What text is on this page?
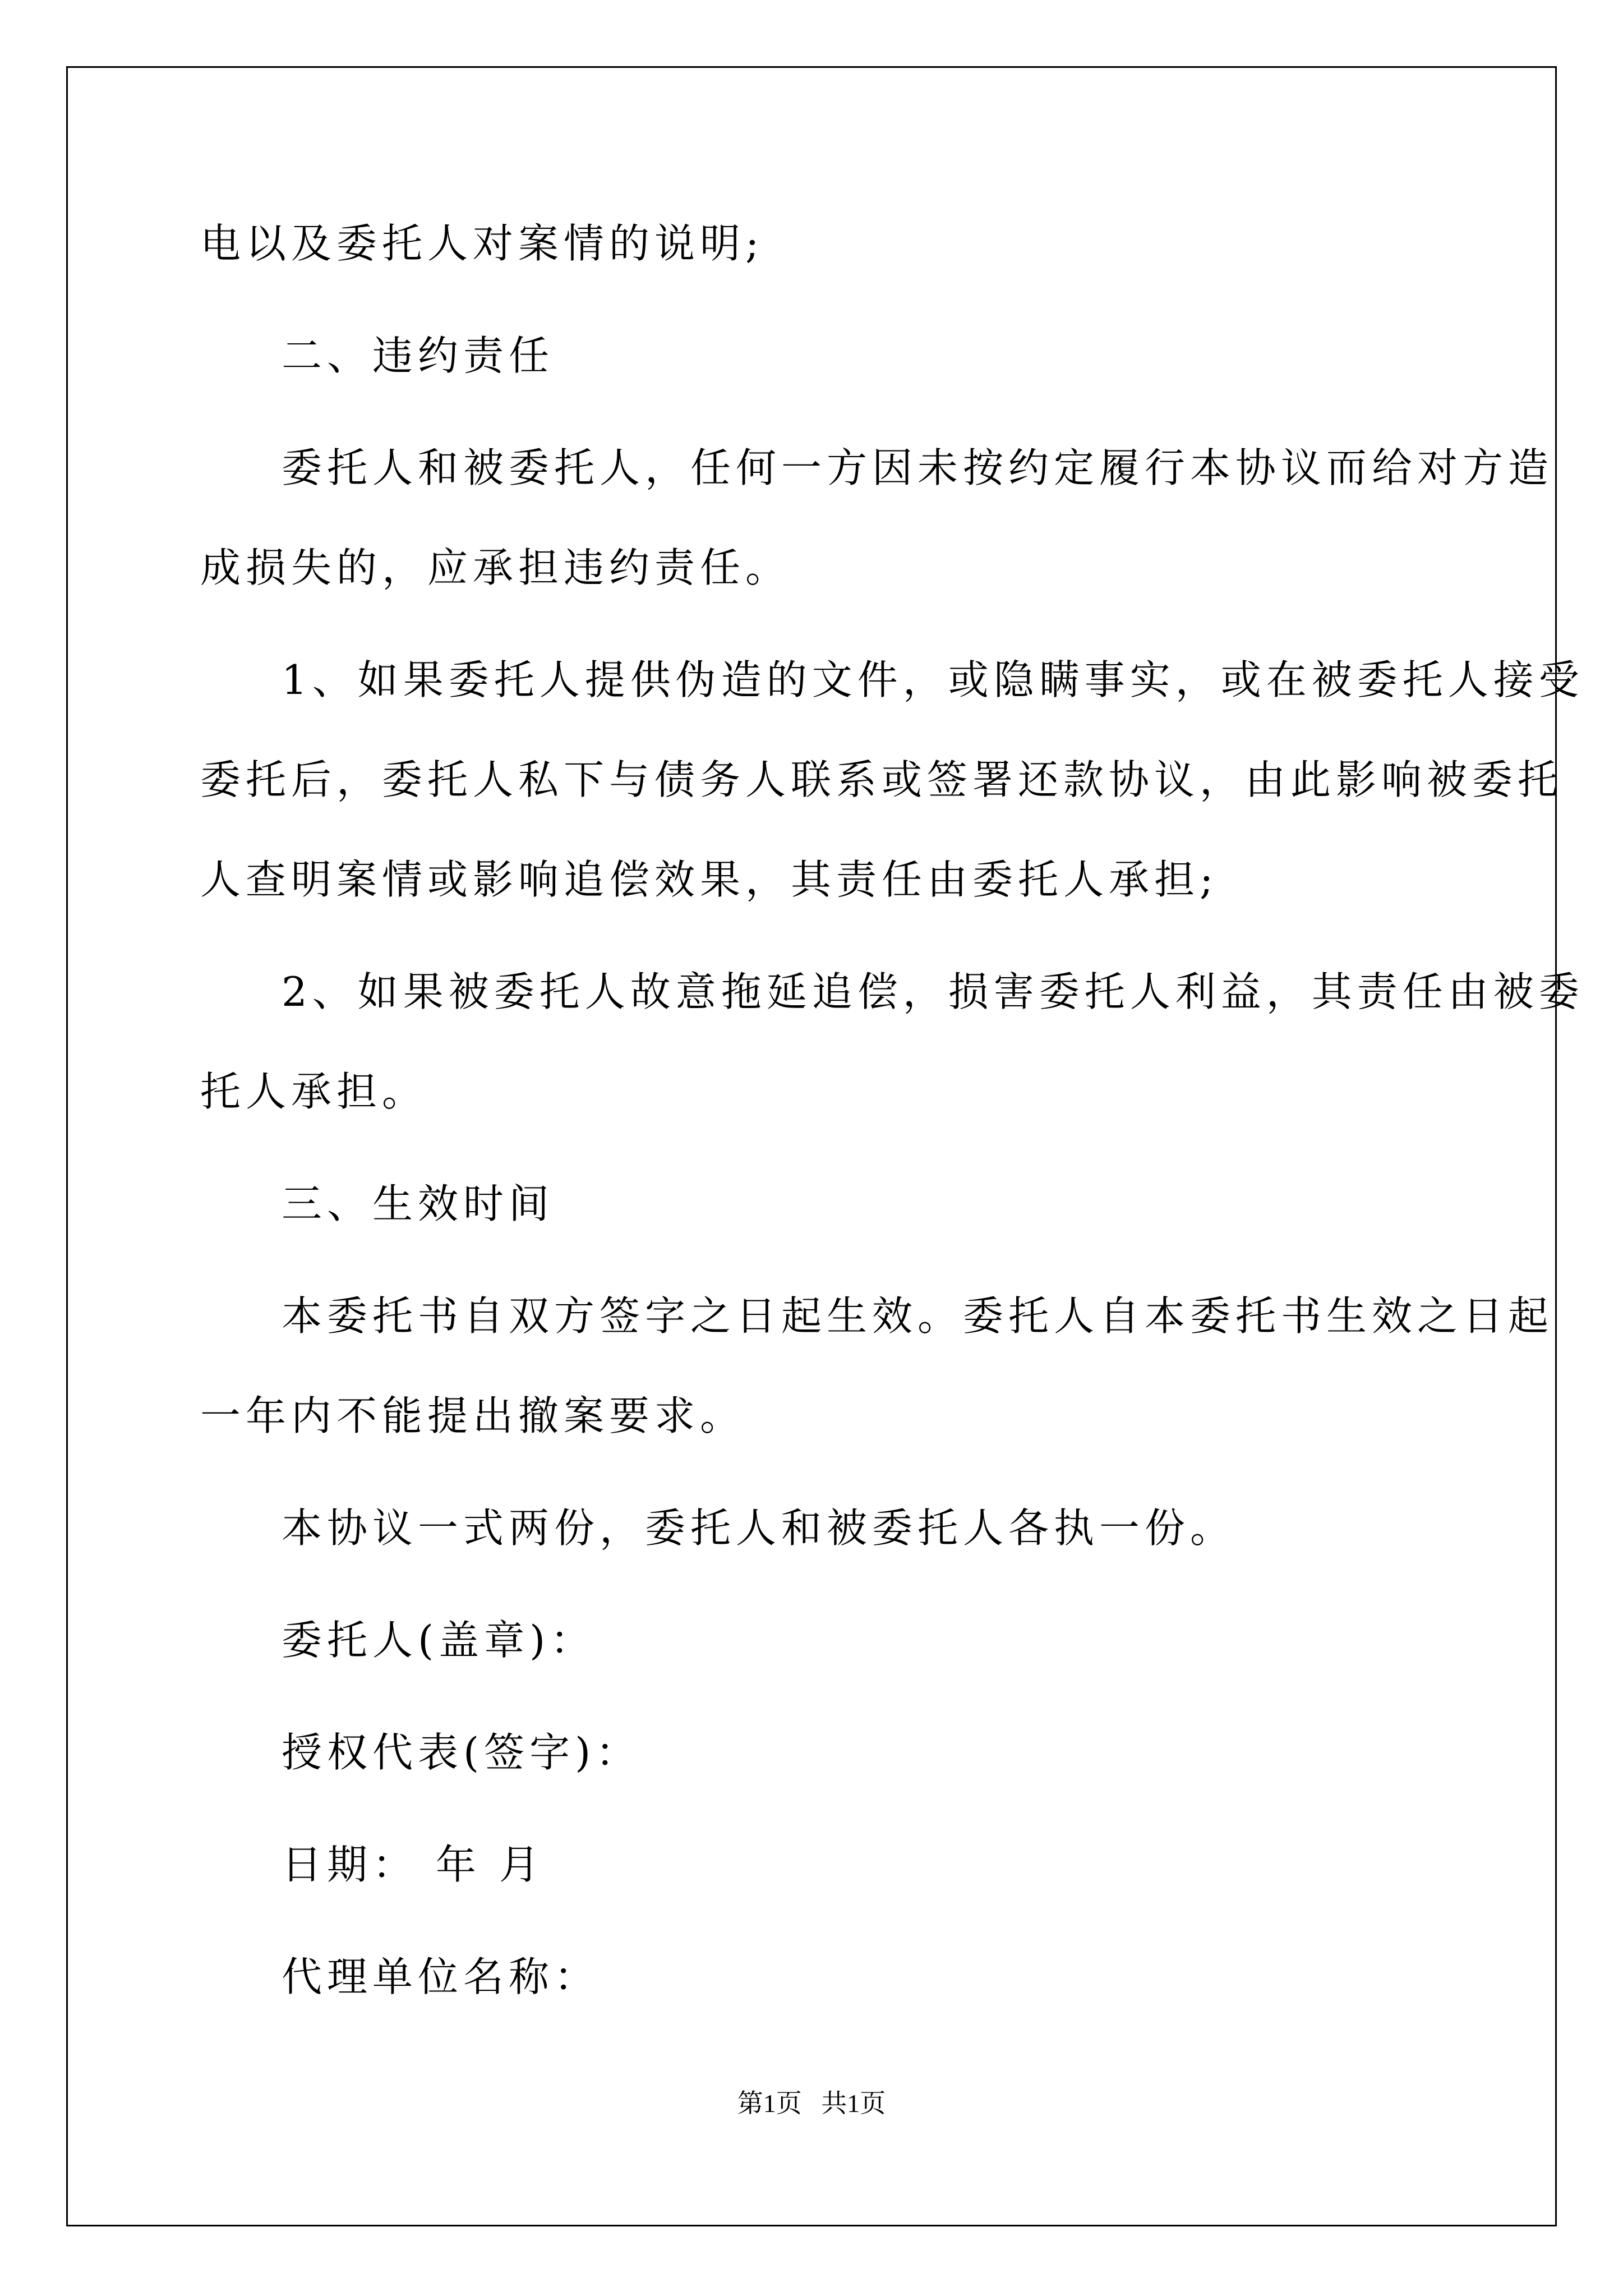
电以及委托人对案情的说明;
二、违约责任
委托人和被委托人，任何一方因未按约定履行本协议而给对方造
成损失的，应承担违约责任。
1、如果委托人提供伪造的文件，或隐瞒事实，或在被委托人接受
委托后，委托人私下与债务人联系或签署还款协议，由此影响被委托
人查明案情或影响追偿效果，其责任由委托人承担;
2、如果被委托人故意拖延追偿，损害委托人利益，其责任由被委
托人承担。
三、生效时间
本委托书自双方签字之日起生效。委托人自本委托书生效之日起
一年内不能提出撤案要求。
本协议一式两份，委托人和被委托人各执一份。
委托人(盖章)：
授权代表(签字)：
日期： 年 月
代理单位名称：
第1页   共1页
